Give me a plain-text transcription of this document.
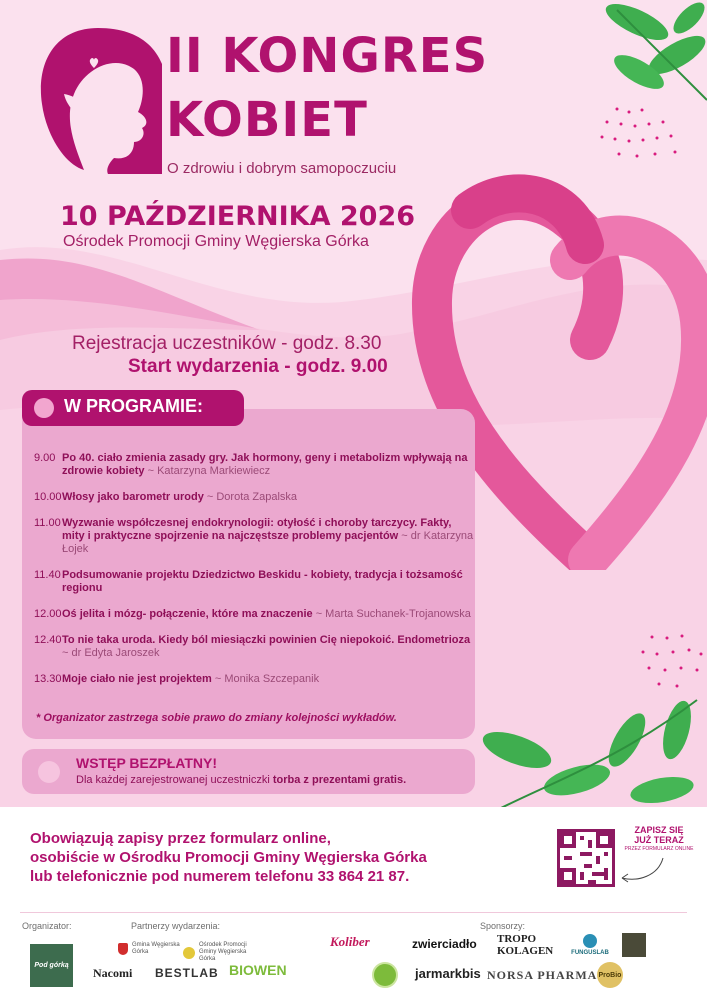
II KONGRES
KOBIET
O zdrowiu i dobrym samopoczuciu
10 PAŹDZIERNIKA 2026
Ośrodek Promocji Gminy Węgierska Górka
Rejestracja uczestników - godz. 8.30
Start wydarzenia - godz. 9.00
W PROGRAMIE:
9.00 Po 40. ciało zmienia zasady gry. Jak hormony, geny i metabolizm wpływają na zdrowie kobiety ~ Katarzyna Markiewiecz
10.00 Włosy jako barometr urody ~ Dorota Zapalska
11.00 Wyzwanie współczesnej endokrynologii: otyłość i choroby tarczycy. Fakty, mity i praktyczne spojrzenie na najczęstsze problemy pacjentów ~ dr Katarzyna Łojek
11.40 Podsumowanie projektu Dziedzictwo Beskidu - kobiety, tradycja i tożsamość regionu
12.00 Oś jelita i mózg- połączenie, które ma znaczenie ~ Marta Suchanek-Trojanowska
12.40 To nie taka uroda. Kiedy ból miesiączki powinien Cię niepokoić. Endometrioza ~ dr Edyta Jaroszek
13.30 Moje ciało nie jest projektem ~ Monika Szczepanik
* Organizator zastrzega sobie prawo do zmiany kolejności wykładów.
WSTĘP BEZPŁATNY!
Dla każdej zarejestrowanej uczestniczki torba z prezentami gratis.
Obowiązują zapisy przez formularz online,
osobiście w Ośrodku Promocji Gminy Węgierska Górka
lub telefonicznie pod numerem telefonu 33 864 21 87.
ZAPISZ SIĘ
JUŻ TERAZ
PRZEZ FORMULARZ ONLINE
Organizator:	Partnerzy wydarzenia:	Sponsorzy:
Pod górką
Gmina Węgierska Górka
Ośrodek Promocji Gminy Węgierska Górka
Nacomi BESTLAB BIOWEN
Koliber	zwierciadło TROPO
KOLAGEN	FUNGUSLAB
jarmarkbis NORSA PHARMA ProBio
